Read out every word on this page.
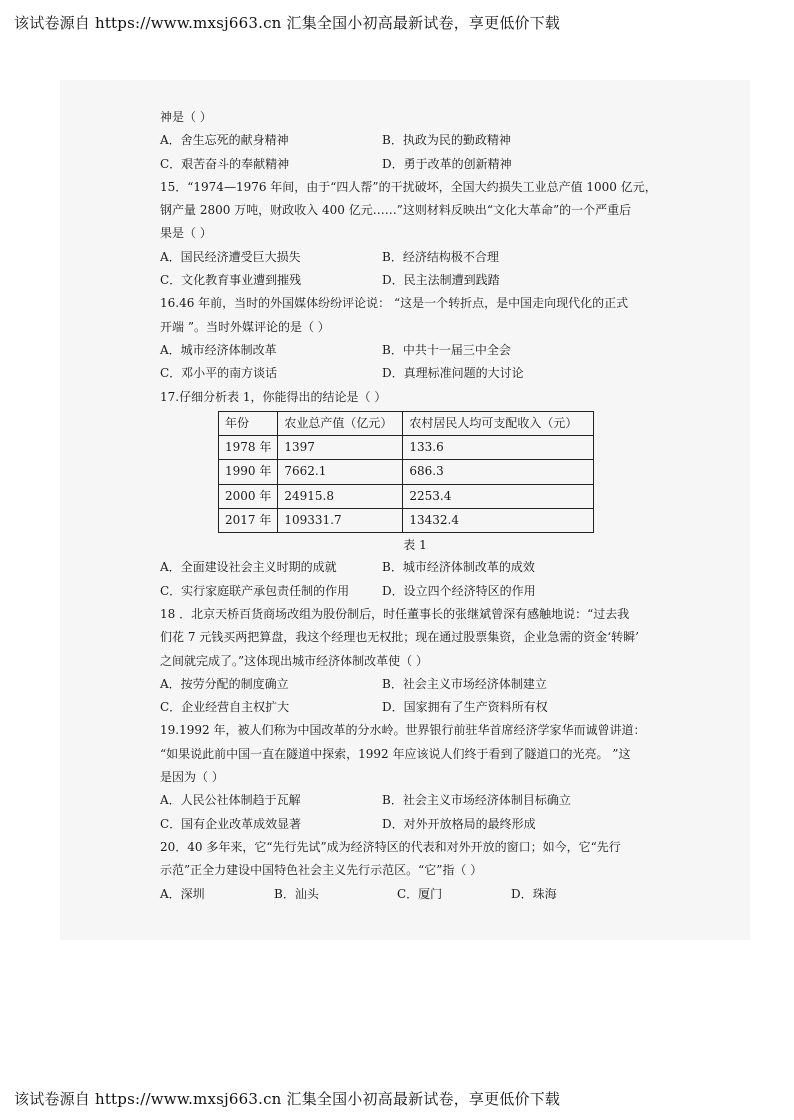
该试卷源自 https://www.mxsj663.cn 汇集全国小初高最新试卷，享更低价下载
神是（ ）
A．舍生忘死的献身精神	B．执政为民的勤政精神
C．艰苦奋斗的奉献精神	D．勇于改革的创新精神
15．“1974—1976 年间，由于“四人帮”的干扰破坏，全国大约损失工业总产值 1000 亿元，
钢产量 2800 万吨，财政收入 400 亿元……”这则材料反映出“文化大革命”的一个严重后
果是（ ）
A．国民经济遭受巨大损失	B．经济结构极不合理
C．文化教育事业遭到摧残	D．民主法制遭到践踏
16.46 年前，当时的外国媒体纷纷评论说： “这是一个转折点，是中国走向现代化的正式
开端 ”。当时外媒评论的是（ ）
A．城市经济体制改革	B．中共十一届三中全会
C．邓小平的南方谈话	D．真理标准问题的大讨论
17.仔细分析表 1，你能得出的结论是（ ）
年份	农业总产值（亿元）	农村居民人均可支配收入（元）
1978 年	1397	133.6
1990 年	7662.1	686.3
2000 年	24915.8	2253.4
2017 年	109331.7	13432.4
表 1
A．全面建设社会主义时期的成就	B．城市经济体制改革的成效
C．实行家庭联产承包责任制的作用	D．设立四个经济特区的作用
18 ．北京天桥百货商场改组为股份制后，时任董事长的张继斌曾深有感触地说：“过去我
们花 7 元钱买两把算盘，我这个经理也无权批；现在通过股票集资，企业急需的资金‘转瞬’
之间就完成了。”这体现出城市经济体制改革使（ ）
A．按劳分配的制度确立	B．社会主义市场经济体制建立
C．企业经营自主权扩大	D．国家拥有了生产资料所有权
19.1992 年，被人们称为中国改革的分水岭。世界银行前驻华首席经济学家华而诚曾讲道：
“如果说此前中国一直在隧道中探索，1992 年应该说人们终于看到了隧道口的光亮。 ”这
是因为（ ）
A．人民公社体制趋于瓦解	B．社会主义市场经济体制目标确立
C．国有企业改革成效显著	D．对外开放格局的最终形成
20．40 多年来，它“先行先试”成为经济特区的代表和对外开放的窗口；如今，它“先行
示范”正全力建设中国特色社会主义先行示范区。“它”指（ ）
A．深圳	B．汕头	C．厦门	D．珠海
该试卷源自 https://www.mxsj663.cn 汇集全国小初高最新试卷，享更低价下载
